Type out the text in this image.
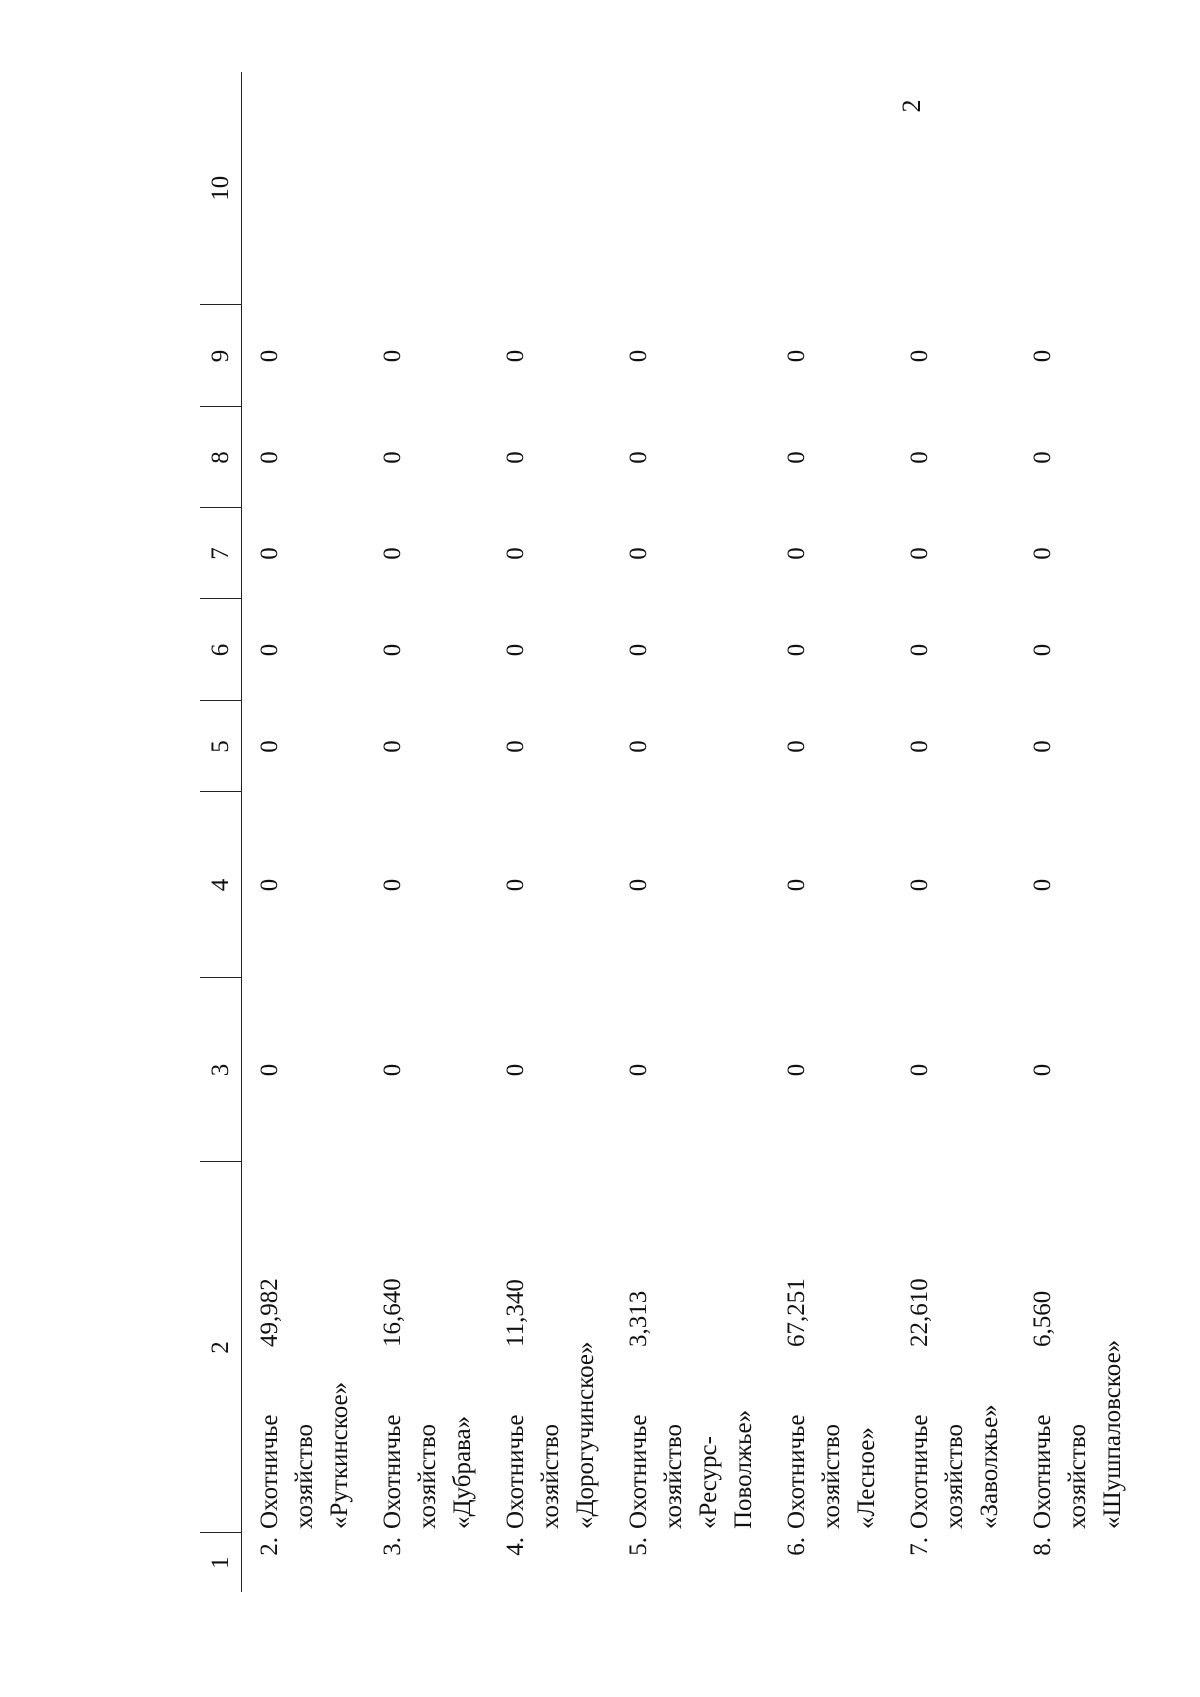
2
1	2		3	4	5	6	7	8	9	10
2.	Охотничье хозяйство «Руткинское»	49,982	0	0	0	0	0	0	0	
3.	Охотничье хозяйство «Дубрава»	16,640	0	0	0	0	0	0	0	
4.	Охотничье хозяйство «Дорогучинское»	11,340	0	0	0	0	0	0	0	
5.	Охотничье хозяйство «Ресурс- Поволжье»	3,313	0	0	0	0	0	0	0	
6.	Охотничье хозяйство «Лесное»	67,251	0	0	0	0	0	0	0	
7.	Охотничье хозяйство «Заволжье»	22,610	0	0	0	0	0	0	0	
8.	Охотничье хозяйство «Шушпаловское»	6,560	0	0	0	0	0	0	0	
